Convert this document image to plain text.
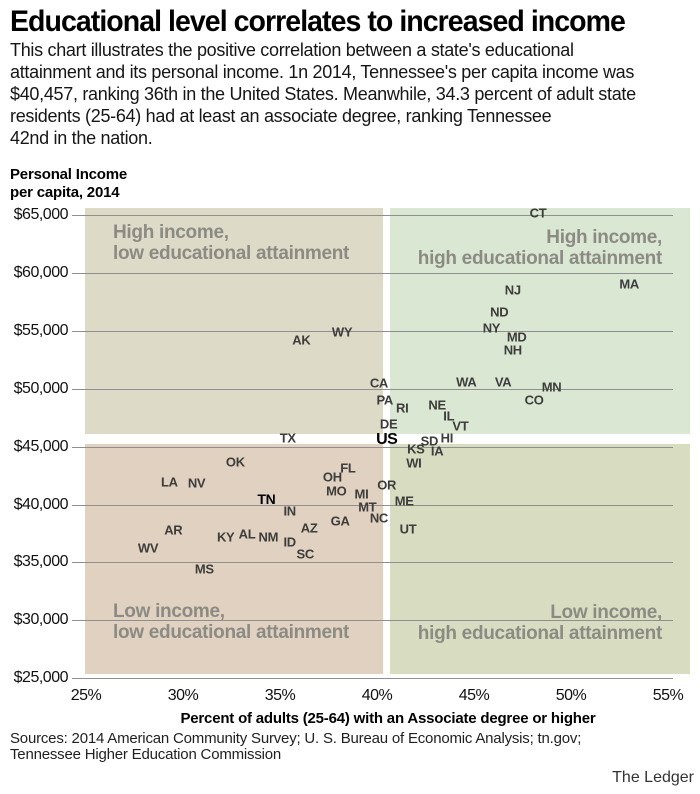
Educational level correlates to increased income
This chart illustrates the positive correlation between a state's educational
attainment and its personal income. 1n 2014, Tennessee's per capita income was
$40,457, ranking 36th in the United States. Meanwhile, 34.3 percent of adult state
residents (25-64) had at least an associate degree, ranking Tennessee
42nd in the nation.
Personal Income
per capita, 2014
Percent of adults (25-64) with an Associate degree or higher
Sources: 2014 American Community Survey; U. S. Bureau of Economic Analysis; tn.gov;
Tennessee Higher Education Commission
The Ledger
$65,000
$60,000
$55,000
$50,000
$45,000
$40,000
$35,000
$30,000
$25,000
25%	30%	35%	40%	45%	50%	55%
High income,
low educational attainment
High income,
high educational attainment
Low income,
low educational attainment
Low income,
high educational attainment
CT
MA
NJ
ND
NY
WY	MD
AK
NH
WA VA
CA	MN
PA	CO
NE
RI
IL
DE	VT
TX	HI
US SD
KS IA
OK	WI
FL
OH
LA NV	OR
MO MI
TN	ME
MT
IN	NC
GA
AZ	UT
AR	AL
KY NM ID
WV	SC
MS
